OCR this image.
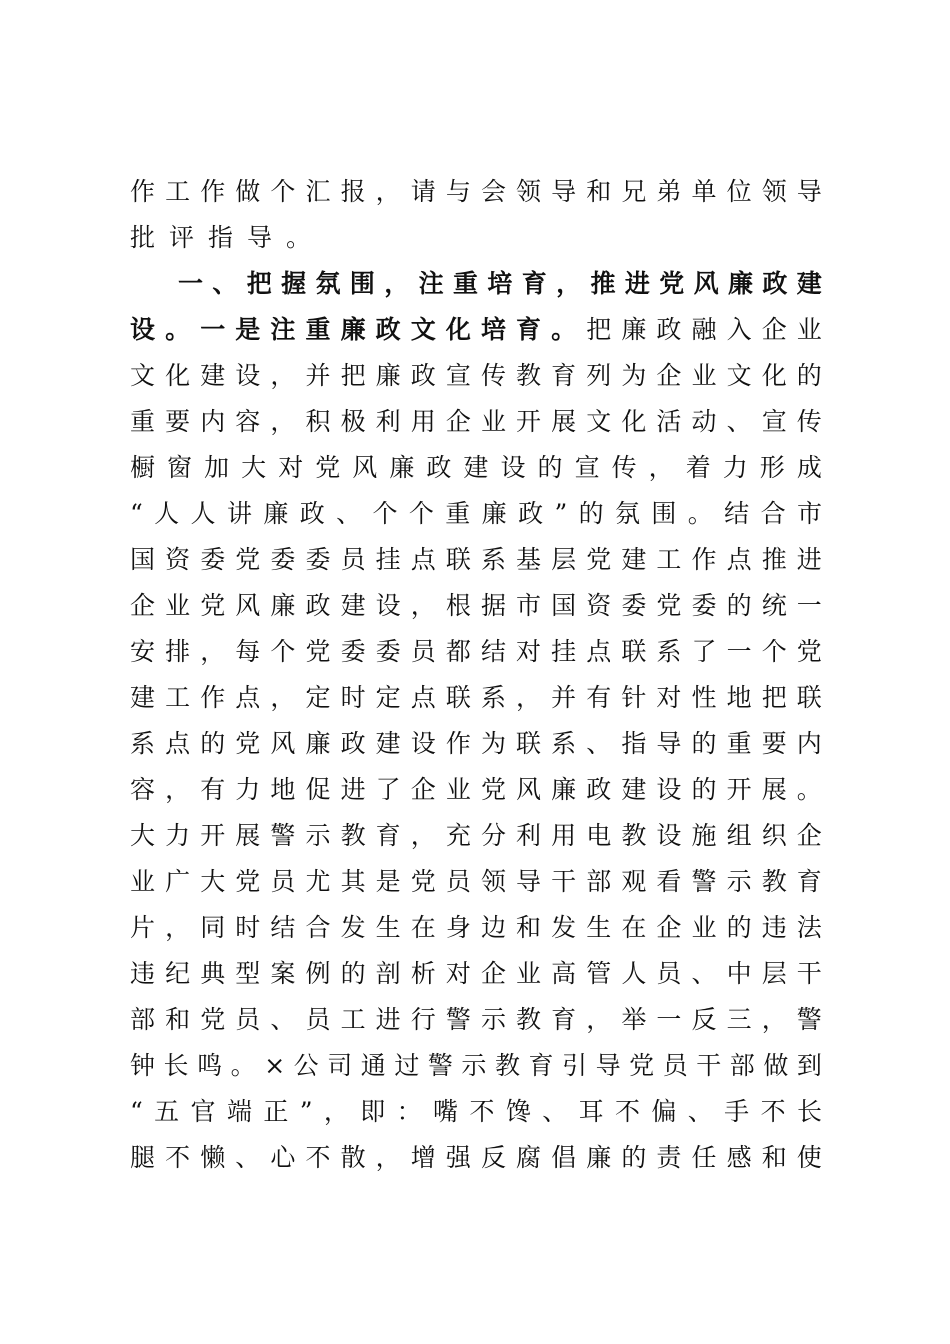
作 工 作 做 个 汇 报 ， 请 与 会 领 导 和 兄 弟 单 位 领 导
批评指导。
一 、 把 握 氛 围 ， 注 重 培 育 ， 推 进 党 风 廉 政 建
设 。 一 是 注 重 廉 政 文 化 培 育 。 把 廉 政 融 入 企 业
文 化 建 设 ， 并 把 廉 政 宣 传 教 育 列 为 企 业 文 化 的
重 要 内 容 ， 积 极 利 用 企 业 开 展 文 化 活 动 、 宣 传
橱 窗 加 大 对 党 风 廉 政 建 设 的 宣 传 ， 着 力 形 成
“ 人 人 讲 廉 政 、 个 个 重 廉 政 ” 的 氛 围 。 结 合 市
国 资 委 党 委 委 员 挂 点 联 系 基 层 党 建 工 作 点 推 进
企 业 党 风 廉 政 建 设 ， 根 据 市 国 资 委 党 委 的 统 一
安 排 ， 每 个 党 委 委 员 都 结 对 挂 点 联 系 了 一 个 党
建 工 作 点 ， 定 时 定 点 联 系 ， 并 有 针 对 性 地 把 联
系 点 的 党 风 廉 政 建 设 作 为 联 系 、 指 导 的 重 要 内
容 ， 有 力 地 促 进 了 企 业 党 风 廉 政 建 设 的 开 展 。
大 力 开 展 警 示 教 育 ， 充 分 利 用 电 教 设 施 组 织 企
业 广 大 党 员 尤 其 是 党 员 领 导 干 部 观 看 警 示 教 育
片 ， 同 时 结 合 发 生 在 身 边 和 发 生 在 企 业 的 违 法
违 纪 典 型 案 例 的 剖 析 对 企 业 高 管 人 员 、 中 层 干
部 和 党 员 、 员 工 进 行 警 示 教 育 ， 举 一 反 三 ， 警
钟 长 鸣 。 × 公 司 通 过 警 示 教 育 引 导 党 员 干 部 做 到
“ 五 官 端 正 ” ， 即 ： 嘴 不 馋 、 耳 不 偏 、 手 不 长
腿 不 懒 、 心 不 散 ， 增 强 反 腐 倡 廉 的 责 任 感 和 使
